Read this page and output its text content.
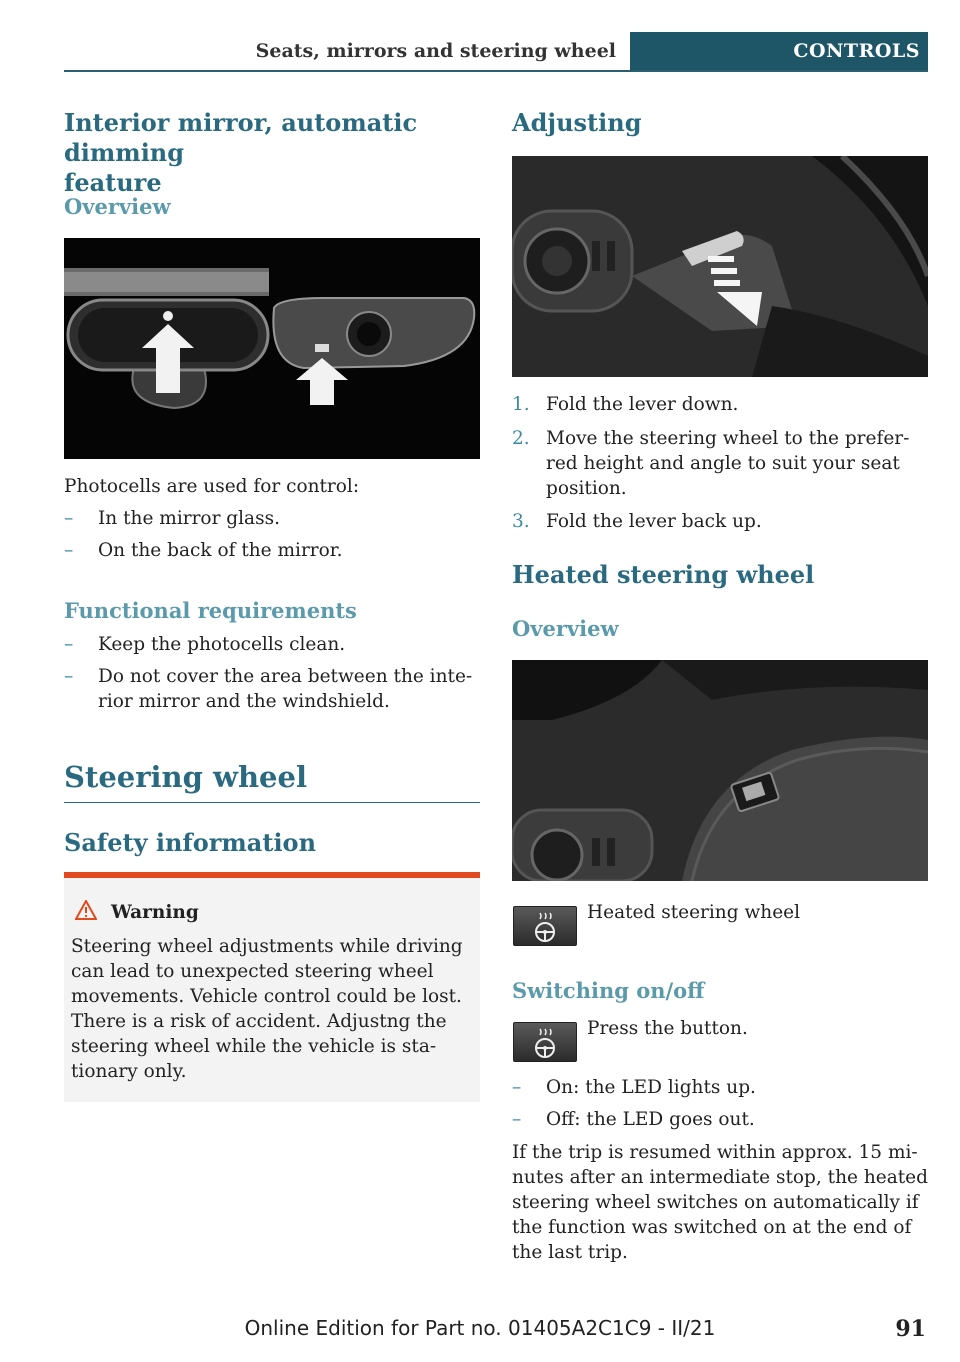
Seats, mirrors and steering wheel	CONTROLS
Interior mirror, automatic dimming
feature
Overview
Photocells are used for control:
– In the mirror glass.
– On the back of the mirror.
Functional requirements
– Keep the photocells clean.
– Do not cover the area between the inte-
rior mirror and the windshield.
Steering wheel
Safety information
Warning
Steering wheel adjustments while driving
can lead to unexpected steering wheel
movements. Vehicle control could be lost.
There is a risk of accident. Adjustng the
steering wheel while the vehicle is sta-
tionary only.
Adjusting
1. Fold the lever down.
2. Move the steering wheel to the prefer-
red height and angle to suit your seat
position.
3. Fold the lever back up.
Heated steering wheel
Overview
Heated steering wheel
Switching on/off
Press the button.
– On: the LED lights up.
– Off: the LED goes out.
If the trip is resumed within approx. 15 mi-
nutes after an intermediate stop, the heated
steering wheel switches on automatically if
the function was switched on at the end of
the last trip.
Online Edition for Part no. 01405A2C1C9 - II/21	91
